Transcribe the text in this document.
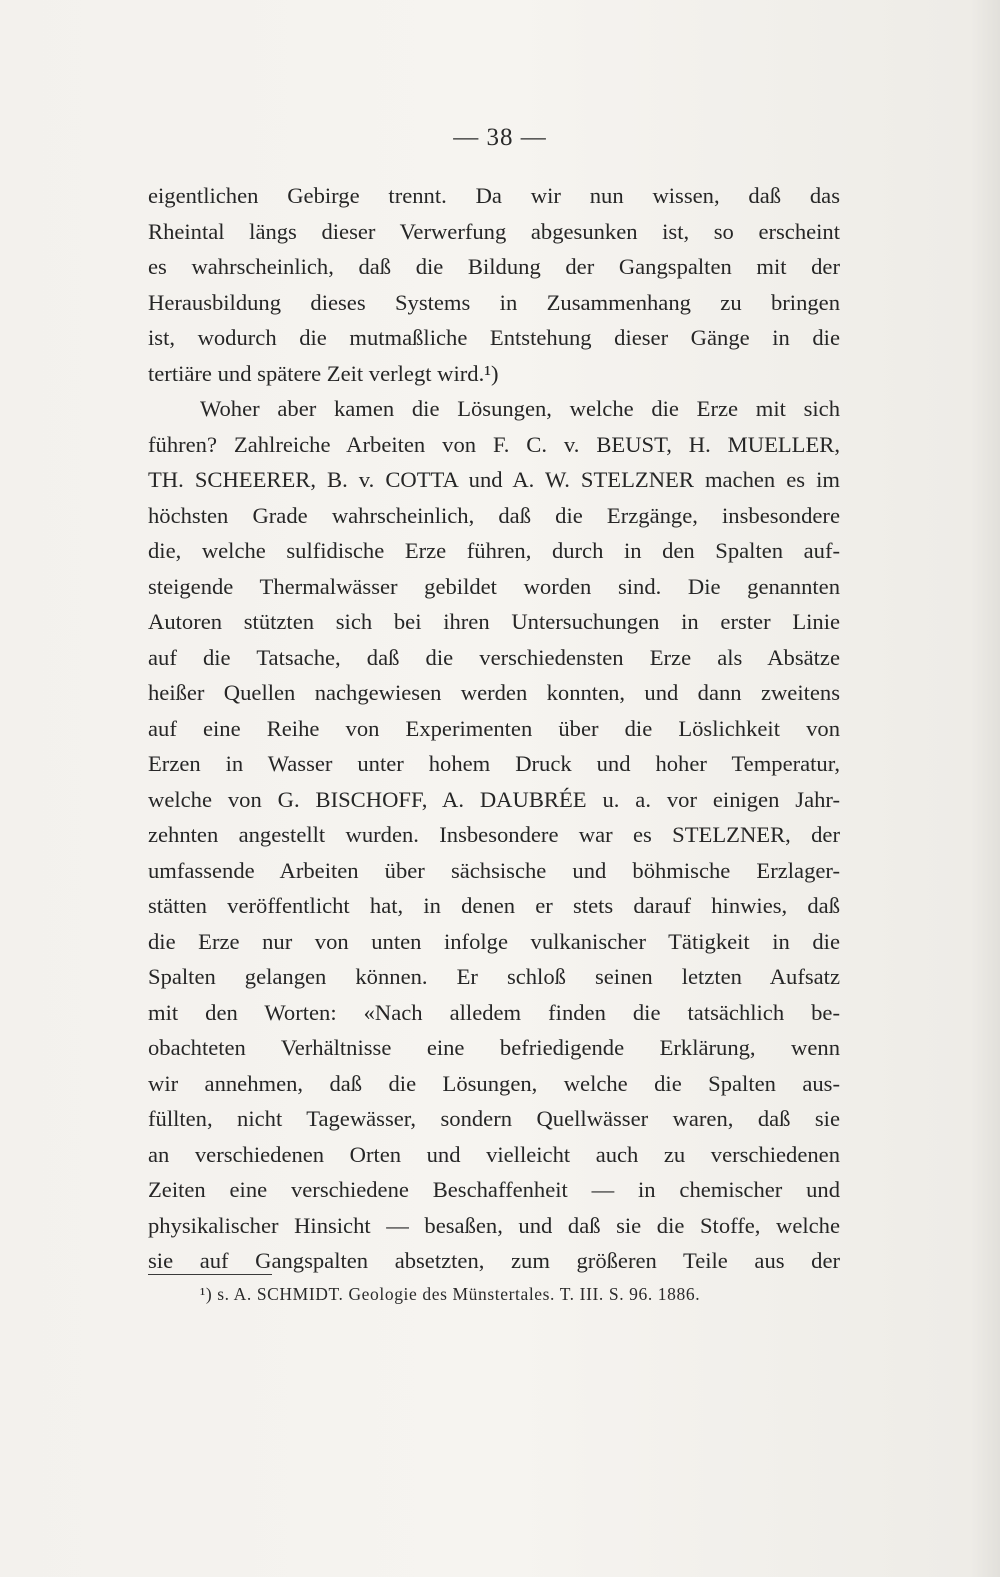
— 38 —
eigentlichen Gebirge trennt. Da wir nun wissen, daß das
Rheintal längs dieser Verwerfung abgesunken ist, so erscheint
es wahrscheinlich, daß die Bildung der Gangspalten mit der
Herausbildung dieses Systems in Zusammenhang zu bringen
ist, wodurch die mutmaßliche Entstehung dieser Gänge in die
tertiäre und spätere Zeit verlegt wird.¹)
Woher aber kamen die Lösungen, welche die Erze mit sich
führen? Zahlreiche Arbeiten von F. C. v. BEUST, H. MUELLER,
TH. SCHEERER, B. v. COTTA und A. W. STELZNER machen es im
höchsten Grade wahrscheinlich, daß die Erzgänge, insbesondere
die, welche sulfidische Erze führen, durch in den Spalten auf-
steigende Thermalwässer gebildet worden sind. Die genannten
Autoren stützten sich bei ihren Untersuchungen in erster Linie
auf die Tatsache, daß die verschiedensten Erze als Absätze
heißer Quellen nachgewiesen werden konnten, und dann zweitens
auf eine Reihe von Experimenten über die Löslichkeit von
Erzen in Wasser unter hohem Druck und hoher Temperatur,
welche von G. BISCHOFF, A. DAUBRÉE u. a. vor einigen Jahr-
zehnten angestellt wurden. Insbesondere war es STELZNER, der
umfassende Arbeiten über sächsische und böhmische Erzlager-
stätten veröffentlicht hat, in denen er stets darauf hinwies, daß
die Erze nur von unten infolge vulkanischer Tätigkeit in die
Spalten gelangen können. Er schloß seinen letzten Aufsatz
mit den Worten: «Nach alledem finden die tatsächlich be-
obachteten Verhältnisse eine befriedigende Erklärung, wenn
wir annehmen, daß die Lösungen, welche die Spalten aus-
füllten, nicht Tagewässer, sondern Quellwässer waren, daß sie
an verschiedenen Orten und vielleicht auch zu verschiedenen
Zeiten eine verschiedene Beschaffenheit — in chemischer und
physikalischer Hinsicht — besaßen, und daß sie die Stoffe, welche
sie auf Gangspalten absetzten, zum größeren Teile aus der
¹) s. A. SCHMIDT. Geologie des Münstertales. T. III. S. 96. 1886.
